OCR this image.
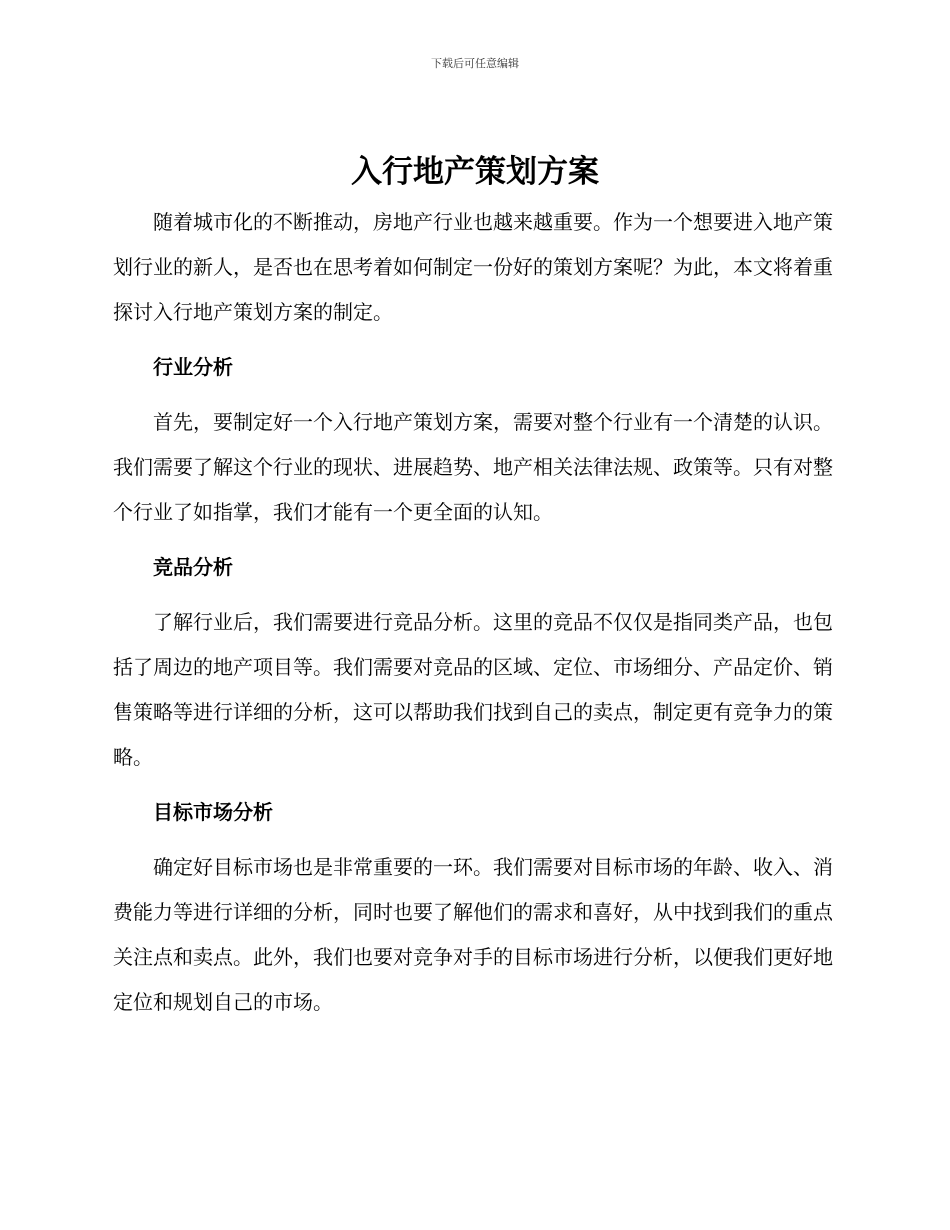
下载后可任意编辑
入行地产策划方案

随着城市化的不断推动，房地产行业也越来越重要。作为一个想要进入地产策划行业的新人，是否也在思考着如何制定一份好的策划方案呢？为此，本文将着重探讨入行地产策划方案的制定。

行业分析

首先，要制定好一个入行地产策划方案，需要对整个行业有一个清楚的认识。我们需要了解这个行业的现状、进展趋势、地产相关法律法规、政策等。只有对整个行业了如指掌，我们才能有一个更全面的认知。

竞品分析

了解行业后，我们需要进行竞品分析。这里的竞品不仅仅是指同类产品，也包括了周边的地产项目等。我们需要对竞品的区域、定位、市场细分、产品定价、销售策略等进行详细的分析，这可以帮助我们找到自己的卖点，制定更有竞争力的策略。

目标市场分析

确定好目标市场也是非常重要的一环。我们需要对目标市场的年龄、收入、消费能力等进行详细的分析，同时也要了解他们的需求和喜好，从中找到我们的重点关注点和卖点。此外，我们也要对竞争对手的目标市场进行分析，以便我们更好地定位和规划自己的市场。
